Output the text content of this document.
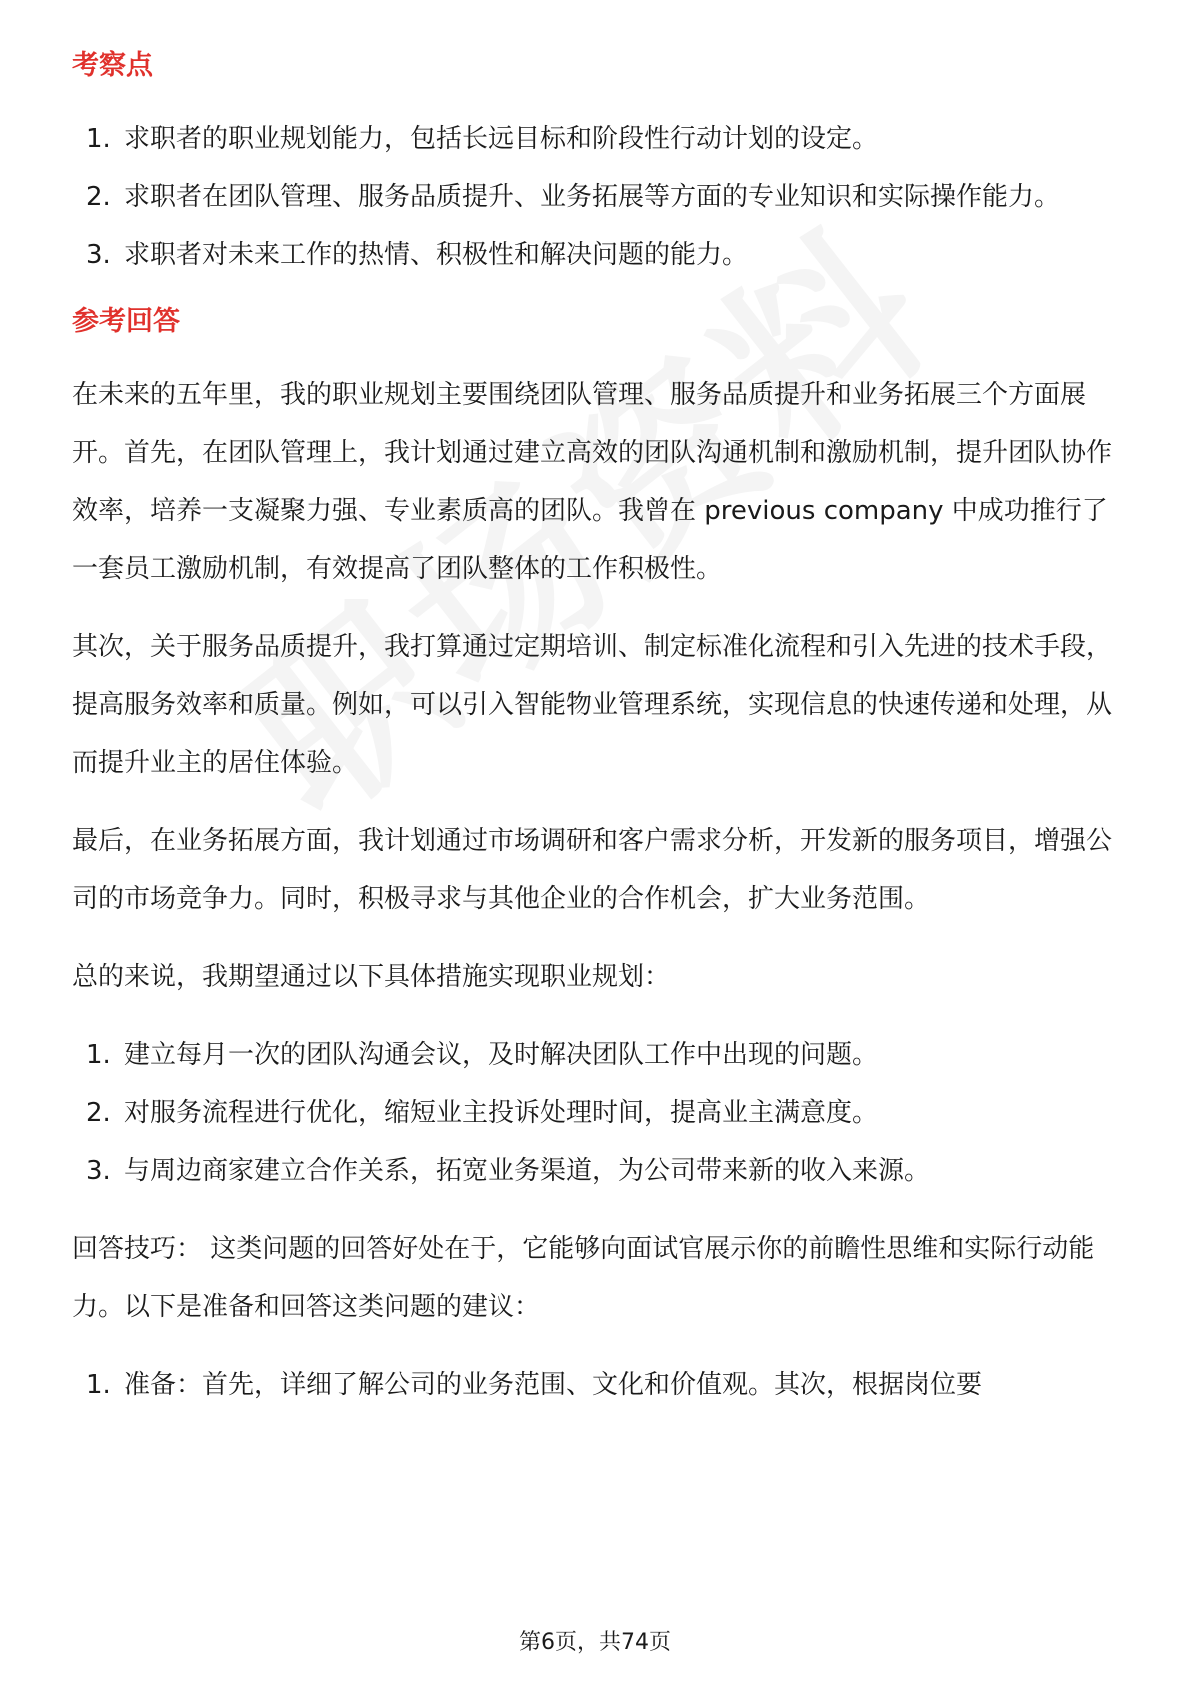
考察点
1. 求职者的职业规划能力，包括长远目标和阶段性行动计划的设定。
2. 求职者在团队管理、服务品质提升、业务拓展等方面的专业知识和实际操作能力。
3. 求职者对未来工作的热情、积极性和解决问题的能力。
参考回答

在未来的五年里，我的职业规划主要围绕团队管理、服务品质提升和业务拓展三个方面展开。首先，在团队管理上，我计划通过建立高效的团队沟通机制和激励机制，提升团队协作效率，培养一支凝聚力强、专业素质高的团队。我曾在 previous company 中成功推行了一套员工激励机制，有效提高了团队整体的工作积极性。

其次，关于服务品质提升，我打算通过定期培训、制定标准化流程和引入先进的技术手段，提高服务效率和质量。例如，可以引入智能物业管理系统，实现信息的快速传递和处理，从而提升业主的居住体验。

最后，在业务拓展方面，我计划通过市场调研和客户需求分析，开发新的服务项目，增强公司的市场竞争力。同时，积极寻求与其他企业的合作机会，扩大业务范围。

总的来说，我期望通过以下具体措施实现职业规划：

1. 建立每月一次的团队沟通会议，及时解决团队工作中出现的问题。
2. 对服务流程进行优化，缩短业主投诉处理时间，提高业主满意度。
3. 与周边商家建立合作关系，拓宽业务渠道，为公司带来新的收入来源。

回答技巧： 这类问题的回答好处在于，它能够向面试官展示你的前瞻性思维和实际行动能力。以下是准备和回答这类问题的建议：

1. 准备：首先，详细了解公司的业务范围、文化和价值观。其次，根据岗位要
第6页，共74页
